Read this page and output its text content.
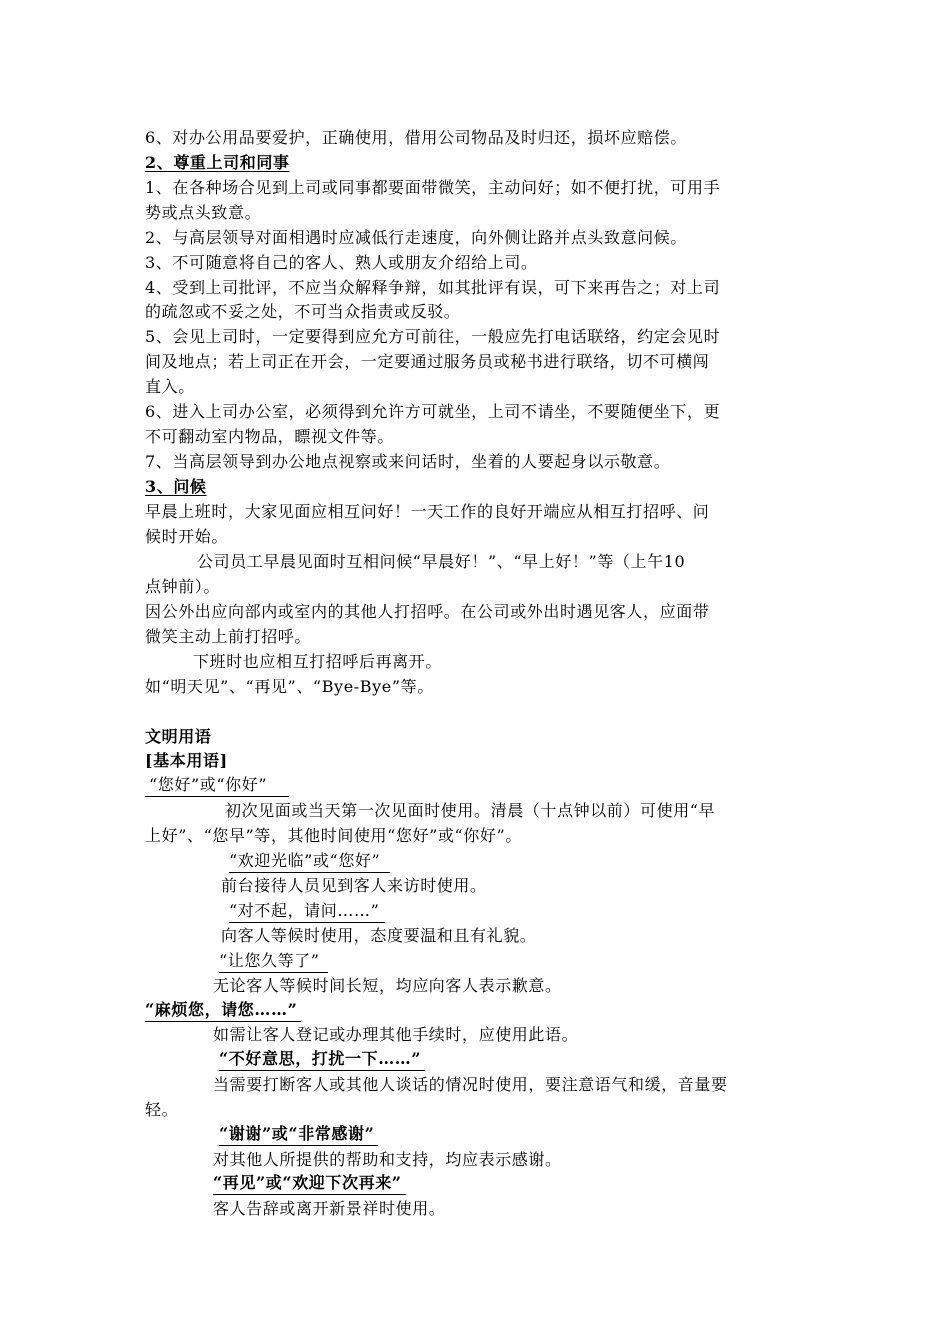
6、对办公用品要爱护，正确使用，借用公司物品及时归还，损坏应赔偿。
2、尊重上司和同事
1、在各种场合见到上司或同事都要面带微笑，主动问好；如不便打扰，可用手
势或点头致意。
2、与高层领导对面相遇时应减低行走速度，向外侧让路并点头致意问候。
3、不可随意将自己的客人、熟人或朋友介绍给上司。
4、受到上司批评，不应当众解释争辩，如其批评有误，可下来再告之；对上司
的疏忽或不妥之处，不可当众指责或反驳。
5、会见上司时，一定要得到应允方可前往，一般应先打电话联络，约定会见时
间及地点；若上司正在开会，一定要通过服务员或秘书进行联络，切不可横闯
直入。
6、进入上司办公室，必须得到允许方可就坐，上司不请坐，不要随便坐下，更
不可翻动室内物品，瞟视文件等。
7、当高层领导到办公地点视察或来问话时，坐着的人要起身以示敬意。
3、问候
早晨上班时，大家见面应相互问好！一天工作的良好开端应从相互打招呼、问
候时开始。
公司员工早晨见面时互相问候“早晨好！”、“早上好！”等（上午10
点钟前）。
因公外出应向部内或室内的其他人打招呼。在公司或外出时遇见客人，应面带
微笑主动上前打招呼。
下班时也应相互打招呼后再离开。
如“明天见”、“再见”、“Bye-Bye”等。
文明用语
[基本用语]
“您好”或“你好”
初次见面或当天第一次见面时使用。清晨（十点钟以前）可使用“早
上好”、“您早”等，其他时间使用“您好”或“你好”。
“欢迎光临”或“您好”
前台接待人员见到客人来访时使用。
“对不起，请问……”
向客人等候时使用，态度要温和且有礼貌。
“让您久等了”
无论客人等候时间长短，均应向客人表示歉意。
“麻烦您，请您……”
如需让客人登记或办理其他手续时，应使用此语。
“不好意思，打扰一下……”
当需要打断客人或其他人谈话的情况时使用，要注意语气和缓，音量要
轻。
“谢谢”或“非常感谢”
对其他人所提供的帮助和支持，均应表示感谢。
“再见”或“欢迎下次再来”
客人告辞或离开新景祥时使用。
